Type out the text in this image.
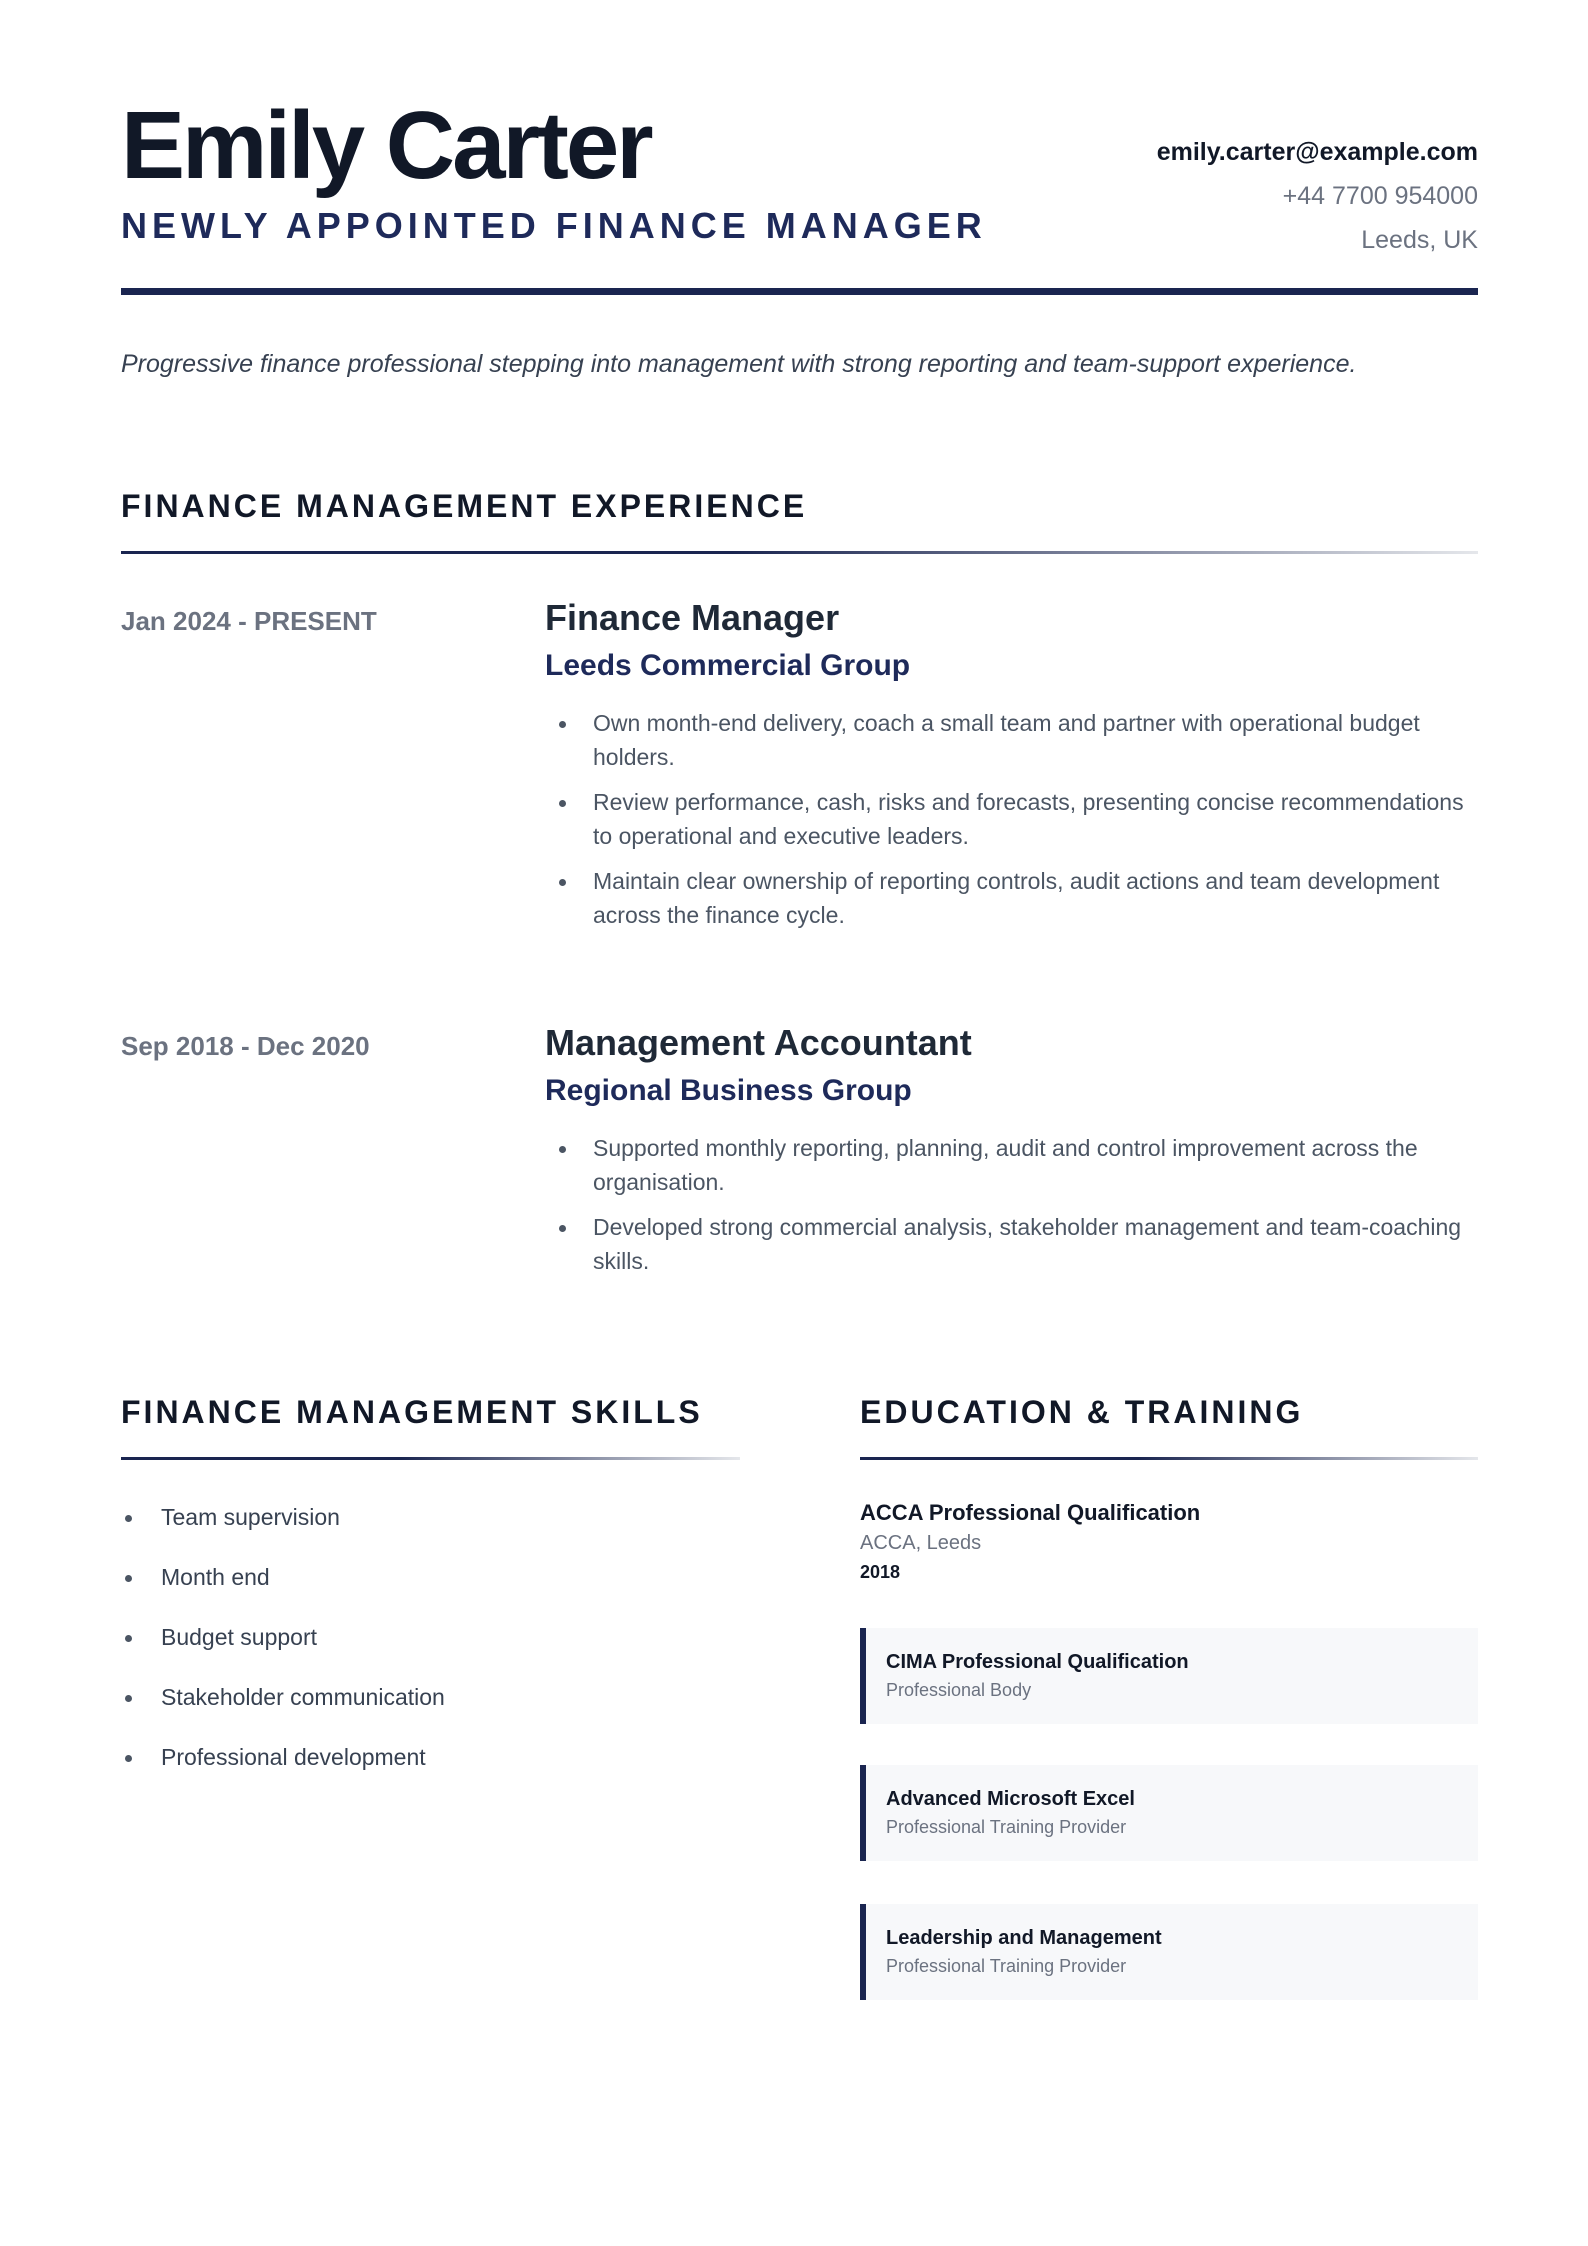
Emily Carter
NEWLY APPOINTED FINANCE MANAGER
emily.carter@example.com
+44 7700 954000
Leeds, UK

Progressive finance professional stepping into management with strong reporting and team-support experience.

FINANCE MANAGEMENT EXPERIENCE
Jan 2024 - PRESENT	Finance Manager
Leeds Commercial Group
Own month-end delivery, coach a small team and partner with operational budget holders.
Review performance, cash, risks and forecasts, presenting concise recommendations to operational and executive leaders.
Maintain clear ownership of reporting controls, audit actions and team development across the finance cycle.
Sep 2018 - Dec 2020	Management Accountant
Regional Business Group
Supported monthly reporting, planning, audit and control improvement across the organisation.
Developed strong commercial analysis, stakeholder management and team-coaching skills.
FINANCE MANAGEMENT SKILLS
Team supervision
Month end
Budget support
Stakeholder communication
Professional development
EDUCATION & TRAINING
ACCA Professional Qualification
ACCA, Leeds
2018
CIMA Professional Qualification
Professional Body
Advanced Microsoft Excel
Professional Training Provider
Leadership and Management
Professional Training Provider
